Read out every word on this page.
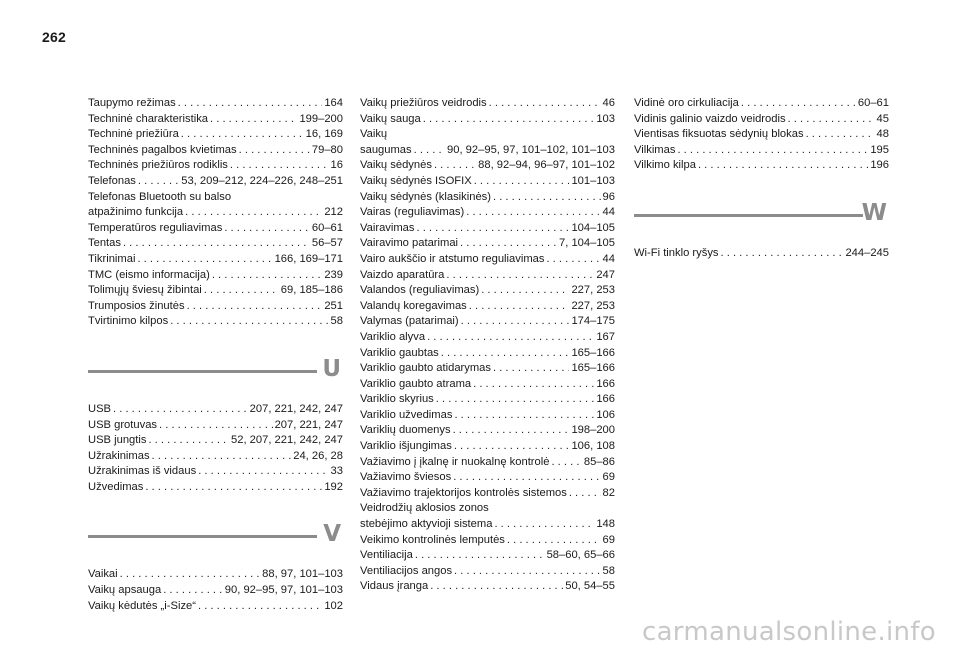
262
Taupymo režimas . . .	164
Techninė charakteristika . . .	199–200
Techninė priežiūra . . .	16, 169
Techninės pagalbos kvietimas . . .	79–80
Techninės priežiūros rodiklis . . .	16
Telefonas . . .	53, 209–212, 224–226, 248–251
Telefonas Bluetooth su balso
atpažinimo funkcija . . .	212
Temperatūros reguliavimas . . .	60–61
Tentas . . .	56–57
Tikrinimai . . .	166, 169–171
TMC (eismo informacija) . . .	239
Tolimųjų šviesų žibintai . . .	69, 185–186
Trumposios žinutės . . .	251
Tvirtinimo kilpos . . .	58
U
USB . . .	207, 221, 242, 247
USB grotuvas . . .	207, 221, 247
USB jungtis . . .	52, 207, 221, 242, 247
Užrakinimas . . .	24, 26, 28
Užrakinimas iš vidaus . . .	33
Užvedimas . . .	192
V
Vaikai . . .	88, 97, 101–103
Vaikų apsauga . . .	90, 92–95, 97, 101–103
Vaikų kėdutės „i-Size“ . . .	102
Vaikų priežiūros veidrodis . . .	46
Vaikų sauga . . .	103
Vaikų
saugumas . . .	90, 92–95, 97, 101–102, 101–103
Vaikų sėdynės . . .	88, 92–94, 96–97, 101–102
Vaikų sėdynės ISOFIX . . .	101–103
Vaikų sėdynės (klasikinės) . . .	96
Vairas (reguliavimas) . . .	44
Vairavimas . . .	104–105
Vairavimo patarimai . . .	7, 104–105
Vairo aukščio ir atstumo reguliavimas . . .	44
Vaizdo aparatūra . . .	247
Valandos (reguliavimas) . . .	227, 253
Valandų koregavimas . . .	227, 253
Valymas (patarimai) . . .	174–175
Variklio alyva . . .	167
Variklio gaubtas . . .	165–166
Variklio gaubto atidarymas . . .	165–166
Variklio gaubto atrama . . .	166
Variklio skyrius . . .	166
Variklio užvedimas . . .	106
Variklių duomenys . . .	198–200
Variklio išjungimas . . .	106, 108
Važiavimo į įkalnę ir nuokalnę kontrolė . . .	85–86
Važiavimo šviesos . . .	69
Važiavimo trajektorijos kontrolės sistemos . . .	82
Veidrodžių aklosios zonos
stebėjimo aktyvioji sistema . . .	148
Veikimo kontrolinės lemputės . . .	69
Ventiliacija . . .	58–60, 65–66
Ventiliacijos angos . . .	58
Vidaus įranga . . .	50, 54–55
Vidinė oro cirkuliacija . . .	60–61
Vidinis galinio vaizdo veidrodis . . .	45
Vientisas fiksuotas sėdynių blokas . . .	48
Vilkimas . . .	195
Vilkimo kilpa . . .	196
W
Wi-Fi tinklo ryšys . . .	244–245
carmanualsonline.info
